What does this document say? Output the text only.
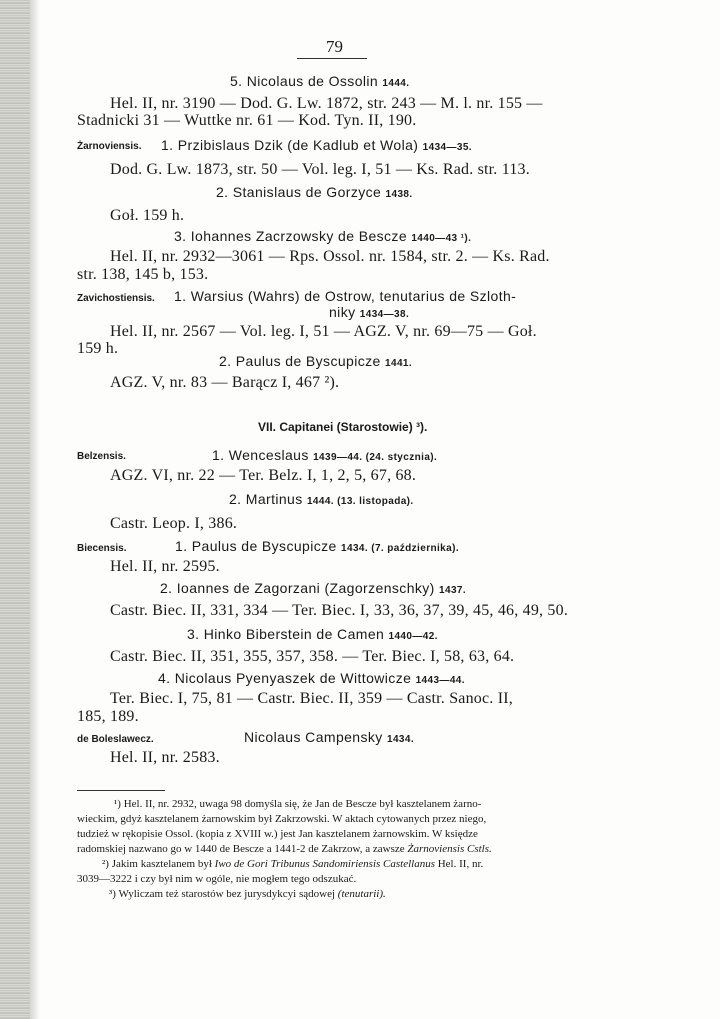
79
5. Nicolaus de Ossolin 1444.
Hel. II, nr. 3190 — Dod. G. Lw. 1872, str. 243 — M. l. nr. 155 —
Stadnicki 31 — Wuttke nr. 61 — Kod. Tyn. II, 190.
Żarnoviensis. 1. Przibislaus Dzik (de Kadlub et Wola) 1434—35.
Dod. G. Lw. 1873, str. 50 — Vol. leg. I, 51 — Ks. Rad. str. 113.
2. Stanislaus de Gorzyce 1438.
Goł. 159 h.
3. Iohannes Zacrzowsky de Bescze 1440—43 ¹).
Hel. II, nr. 2932—3061 — Rps. Ossol. nr. 1584, str. 2. — Ks. Rad.
str. 138, 145 b, 153.
Zavichostiensis. 1. Warsius (Wahrs) de Ostrow, tenutarius de Szloth-
niky 1434—38.
Hel. II, nr. 2567 — Vol. leg. I, 51 — AGZ. V, nr. 69—75 — Goł.
159 h.
2. Paulus de Byscupicze 1441.
AGZ. V, nr. 83 — Barącz I, 467 ²).
VII. Capitanei (Starostowie) ³).
Belzensis.	1. Wenceslaus 1439—44. (24. stycznia).
AGZ. VI, nr. 22 — Ter. Belz. I, 1, 2, 5, 67, 68.
2. Martinus 1444. (13. listopada).
Castr. Leop. I, 386.
Biecensis.	1. Paulus de Byscupicze 1434. (7. października).
Hel. II, nr. 2595.
2. Ioannes de Zagorzani (Zagorzenschky) 1437.
Castr. Biec. II, 331, 334 — Ter. Biec. I, 33, 36, 37, 39, 45, 46, 49, 50.
3. Hinko Biberstein de Camen 1440—42.
Castr. Biec. II, 351, 355, 357, 358. — Ter. Biec. I, 58, 63, 64.
4. Nicolaus Pyenyaszek de Wittowicze 1443—44.
Ter. Biec. I, 75, 81 — Castr. Biec. II, 359 — Castr. Sanoc. II,
185, 189.
de Boleslawecz.	Nicolaus Campensky 1434.
Hel. II, nr. 2583.
¹) Hel. II, nr. 2932, uwaga 98 domyśla się, że Jan de Bescze był kasztelanem żarno-
wieckim, gdyż kasztelanem żarnowskim był Zakrzowski. W aktach cytowanych przez niego,
tudzież w rękopisie Ossol. (kopia z XVIII w.) jest Jan kasztelanem żarnowskim. W księdze
radomskiej nazwano go w 1440 de Bescze a 1441-2 de Zakrzow, a zawsze Żarnoviensis Cstls.
²) Jakim kasztelanem był Iwo de Gori Tribunus Sandomiriensis Castellanus Hel. II, nr.
3039—3222 i czy był nim w ogóle, nie mogłem tego odszukać.
³) Wyliczam też starostów bez jurysdykcyi sądowej (tenutarii).
